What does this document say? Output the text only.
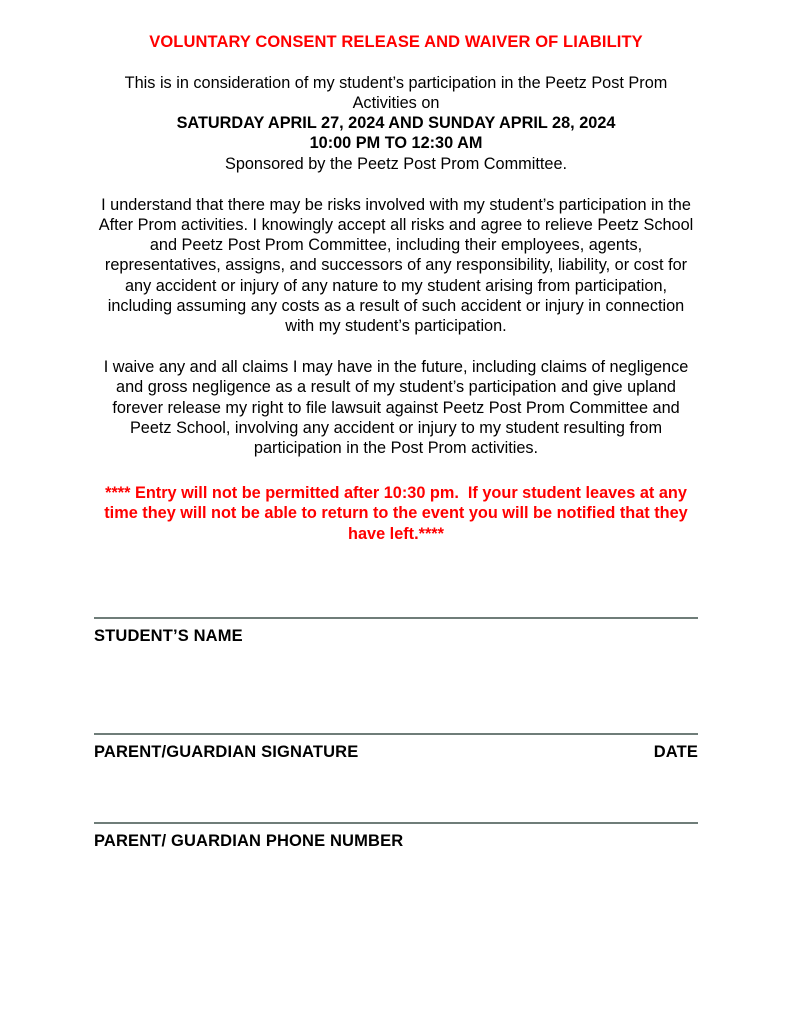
VOLUNTARY CONSENT RELEASE AND WAIVER OF LIABILITY
This is in consideration of my student’s participation in the Peetz Post Prom
Activities on
SATURDAY APRIL 27, 2024 AND SUNDAY APRIL 28, 2024
10:00 PM TO 12:30 AM
Sponsored by the Peetz Post Prom Committee.

I understand that there may be risks involved with my student’s participation in the After Prom activities. I knowingly accept all risks and agree to relieve Peetz School and Peetz Post Prom Committee, including their employees, agents, representatives, assigns, and successors of any responsibility, liability, or cost for any accident or injury of any nature to my student arising from participation, including assuming any costs as a result of such accident or injury in connection with my student’s participation.

I waive any and all claims I may have in the future, including claims of negligence and gross negligence as a result of my student’s participation and give upland forever release my right to file lawsuit against Peetz Post Prom Committee and Peetz School, involving any accident or injury to my student resulting from participation in the Post Prom activities.

**** Entry will not be permitted after 10:30 pm.  If your student leaves at any time they will not be able to return to the event you will be notified that they have left.****

STUDENT’S NAME
PARENT/GUARDIAN SIGNATURE	DATE
PARENT/ GUARDIAN PHONE NUMBER
